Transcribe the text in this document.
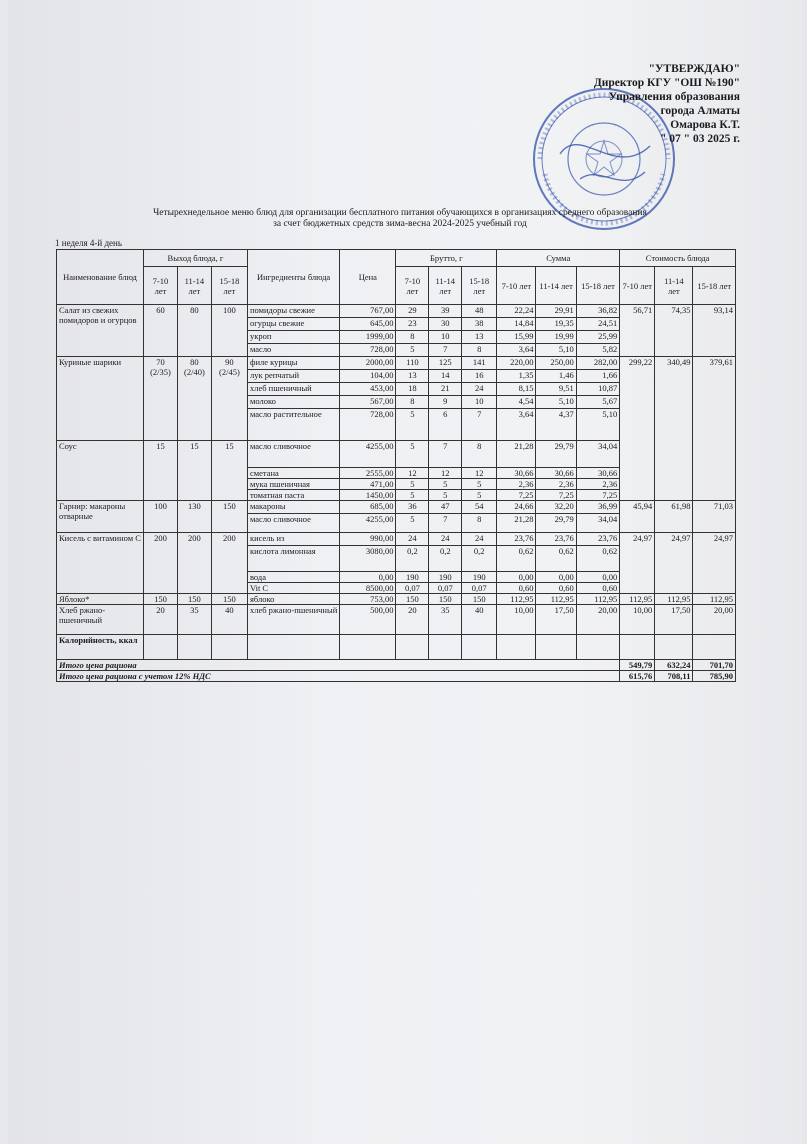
"УТВЕРЖДАЮ"
Директор КГУ "ОШ №190"
Управления образования
города Алматы
Омарова К.Т.
" 07 " 03 2025 г.
Четырехнедельное меню блюд для организации бесплатного питания обучающихся в организациях среднего образования
за счет бюджетных средств зима-весна 2024-2025 учебный год
1 неделя 4-й день
Наименование блюд	Выход блюда, г			Ингредиенты блюда	Цена	Брутто, г			Сумма			Стоимость блюда		
	7-10 лет	11-14 лет	15-18 лет			7-10 лет	11-14 лет	15-18 лет	7-10 лет	11-14 лет	15-18 лет	7-10 лет	11-14 лет	15-18 лет
Салат из свежих помидоров и огурцов	60	80	100	помидоры свежие	767,00	29	39	48	22,24	29,91	36,82	56,71	74,35	93,14
				огурцы свежие	645,00	23	30	38	14,84	19,35	24,51			
				укроп	1999,00	8	10	13	15,99	19,99	25,99			
				масло	728,00	5	7	8	3,64	5,10	5,82			
Куриные шарики	70 (2/35)	80 (2/40)	90 (2/45)	филе курицы	2000,00	110	125	141	220,00	250,00	282,00	299,22	340,49	379,61
				лук репчатый	104,00	13	14	16	1,35	1,46	1,66			
				хлеб пшеничный	453,00	18	21	24	8,15	9,51	10,87			
				молоко	567,00	8	9	10	4,54	5,10	5,67			
				масло растительное	728,00	5	6	7	3,64	4,37	5,10			
Соус	15	15	15	масло сливочное	4255,00	5	7	8	21,28	29,79	34,04			
				сметана	2555,00	12	12	12	30,66	30,66	30,66			
				мука пшеничная	471,00	5	5	5	2,36	2,36	2,36			
				томатная паста	1450,00	5	5	5	7,25	7,25	7,25			
Гарнир: макароны отварные	100	130	150	макароны	685,00	36	47	54	24,66	32,20	36,99	45,94	61,98	71,03
				масло сливочное	4255,00	5	7	8	21,28	29,79	34,04			
Кисель с витамином С	200	200	200	кисель из	990,00	24	24	24	23,76	23,76	23,76	24,97	24,97	24,97
				кислота лимонная	3080,00	0,2	0,2	0,2	0,62	0,62	0,62			
				вода	0,00	190	190	190	0,00	0,00	0,00			
				Vit C	8500,00	0,07	0,07	0,07	0,60	0,60	0,60			
Яблоко*	150	150	150	яблоко	753,00	150	150	150	112,95	112,95	112,95	112,95	112,95	112,95
Хлеб ржано-пшеничный	20	35	40	хлеб ржано-пшеничный	500,00	20	35	40	10,00	17,50	20,00	10,00	17,50	20,00
Калорийность, ккал														
Итого цена рациона												549,79	632,24	701,70
Итого цена рациона с учетом 12% НДС												615,76	708,11	785,90
